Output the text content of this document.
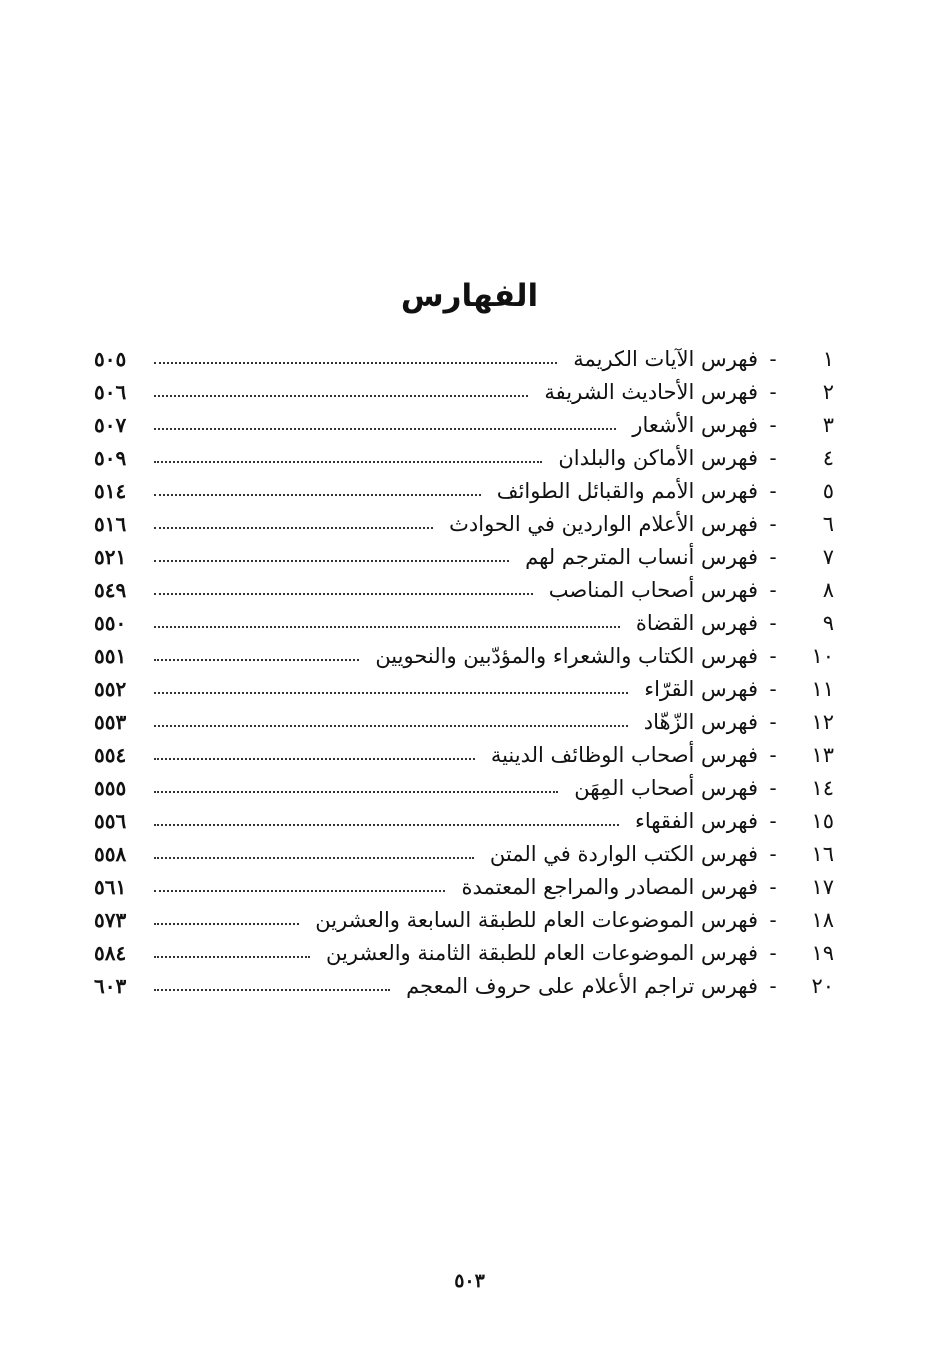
الفهارس
١
-
فهرس الآيات الكريمة
٥٠٥
٢
-
فهرس الأحاديث الشريفة
٥٠٦
٣
-
فهرس الأشعار
٥٠٧
٤
-
فهرس الأماكن والبلدان
٥٠٩
٥
-
فهرس الأمم والقبائل الطوائف
٥١٤
٦
-
فهرس الأعلام الواردين في الحوادث
٥١٦
٧
-
فهرس أنساب المترجم لهم
٥٢١
٨
-
فهرس أصحاب المناصب
٥٤٩
٩
-
فهرس القضاة
٥٥٠
١٠
-
فهرس الكتاب والشعراء والمؤدّبين والنحويين
٥٥١
١١
-
فهرس القرّاء
٥٥٢
١٢
-
فهرس الزّهّاد
٥٥٣
١٣
-
فهرس أصحاب الوظائف الدينية
٥٥٤
١٤
-
فهرس أصحاب المِهَن
٥٥٥
١٥
-
فهرس الفقهاء
٥٥٦
١٦
-
فهرس الكتب الواردة في المتن
٥٥٨
١٧
-
فهرس المصادر والمراجع المعتمدة
٥٦١
١٨
-
فهرس الموضوعات العام للطبقة السابعة والعشرين
٥٧٣
١٩
-
فهرس الموضوعات العام للطبقة الثامنة والعشرين
٥٨٤
٢٠
-
فهرس تراجم الأعلام على حروف المعجم
٦٠٣
٥٠٣
